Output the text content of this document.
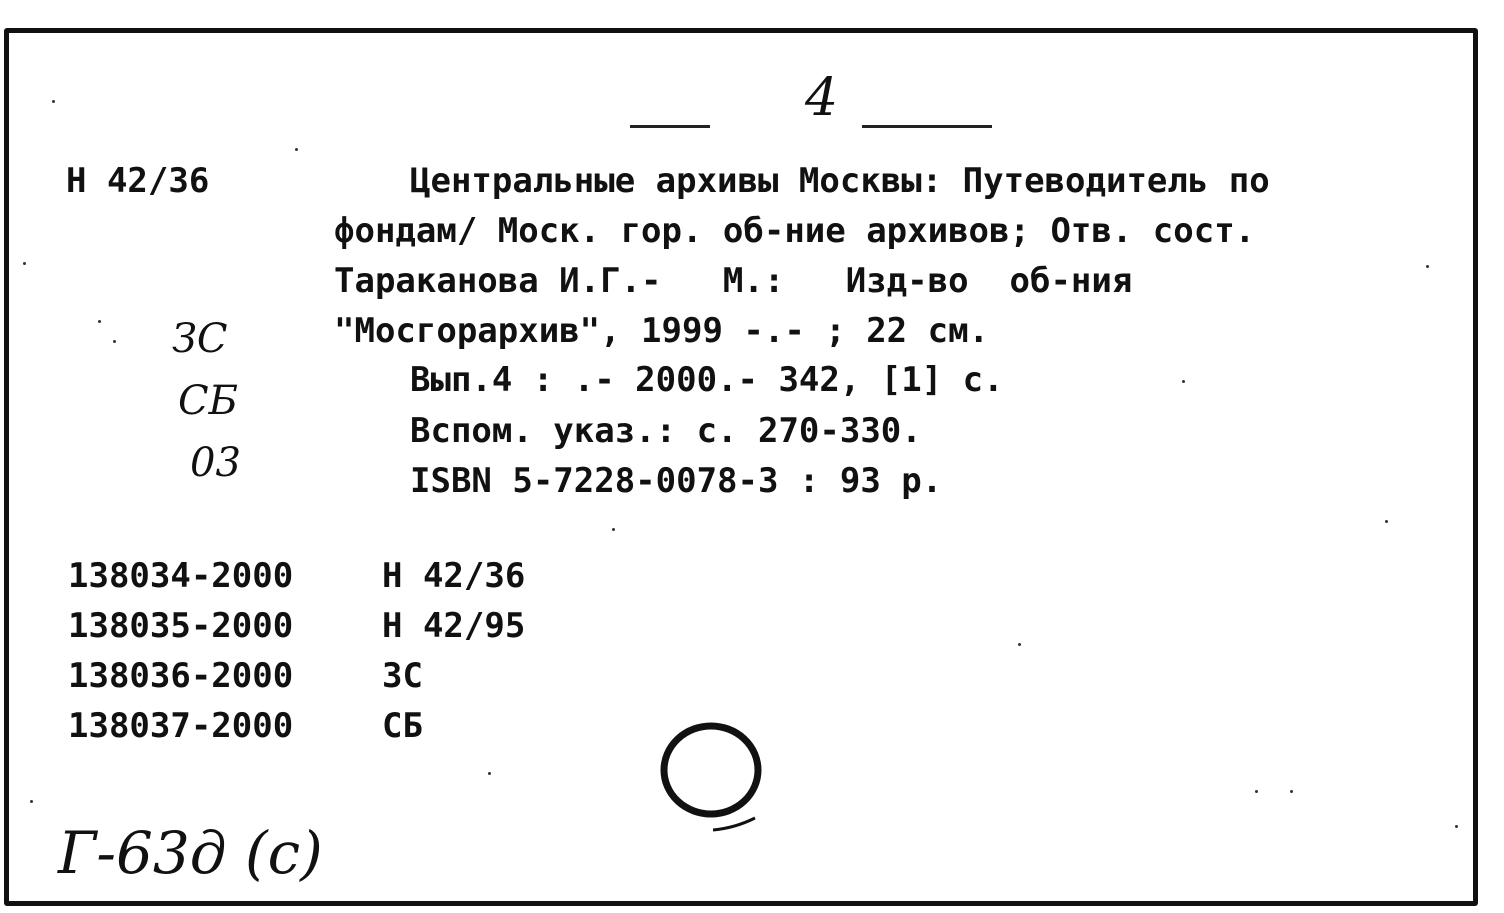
4
Н 42/36	Центральные архивы Москвы: Путеводитель по
фондам/ Моск. гор. об-ние архивов; Отв. сост.
Тараканова И.Г.-   М.:   Изд-во  об-ния
"Мосгорархив", 1999 -.- ; 22 см.
Вып.4 : .- 2000.- 342, [1] с.
Вспом. указ.: с. 270-330.
ISBN 5-7228-0078-3 : 93 р.
ЗС
СБ
03
138034-2000	Н 42/36
138035-2000	Н 42/95
138036-2000	ЗС
138037-2000	СБ
Г-63д (с)
